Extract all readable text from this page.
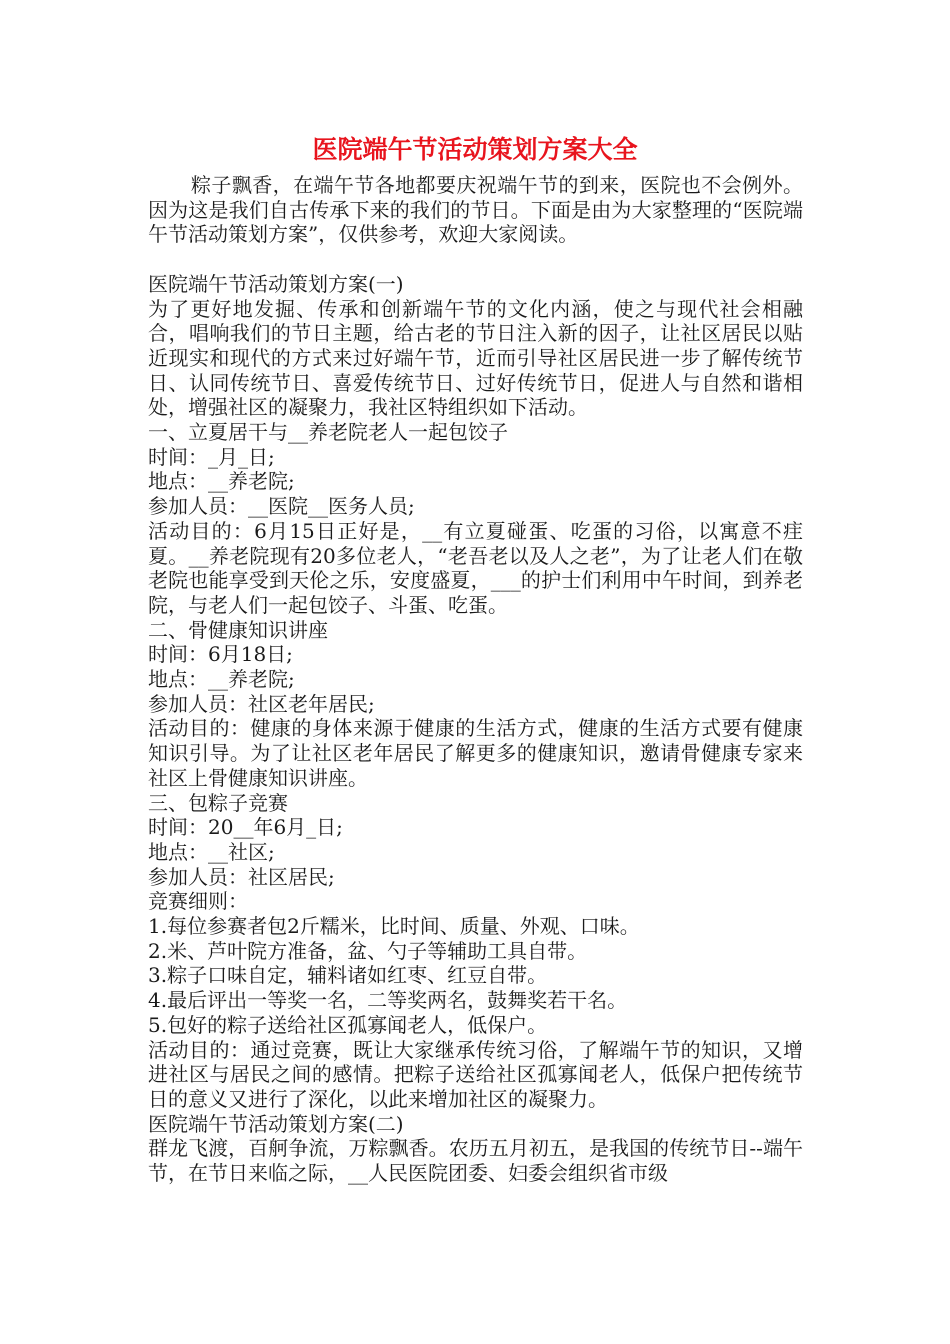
医院端午节活动策划方案大全

粽子飘香，在端午节各地都要庆祝端午节的到来，医院也不会例外。因为这是我们自古传承下来的我们的节日。下面是由为大家整理的“医院端午节活动策划方案”，仅供参考，欢迎大家阅读。

医院端午节活动策划方案(一)

为了更好地发掘、传承和创新端午节的文化内涵，使之与现代社会相融合，唱响我们的节日主题，给古老的节日注入新的因子，让社区居民以贴近现实和现代的方式来过好端午节，近而引导社区居民进一步了解传统节日、认同传统节日、喜爱传统节日、过好传统节日，促进人与自然和谐相处，增强社区的凝聚力，我社区特组织如下活动。

一、立夏居干与__养老院老人一起包饺子

时间：_月_日;

地点：__养老院;

参加人员：__医院__医务人员;

活动目的：6月15日正好是，__有立夏碰蛋、吃蛋的习俗，以寓意不疰夏。__养老院现有20多位老人，“老吾老以及人之老”，为了让老人们在敬老院也能享受到天伦之乐，安度盛夏，___的护士们利用中午时间，到养老院，与老人们一起包饺子、斗蛋、吃蛋。

二、骨健康知识讲座

时间：6月18日;

地点：__养老院;

参加人员：社区老年居民;

活动目的：健康的身体来源于健康的生活方式，健康的生活方式要有健康知识引导。为了让社区老年居民了解更多的健康知识，邀请骨健康专家来社区上骨健康知识讲座。

三、包粽子竞赛

时间：20__年6月_日;

地点：__社区;

参加人员：社区居民;

竞赛细则：

1.每位参赛者包2斤糯米，比时间、质量、外观、口味。

2.米、芦叶院方准备，盆、勺子等辅助工具自带。

3.粽子口味自定，辅料诸如红枣、红豆自带。

4.最后评出一等奖一名，二等奖两名，鼓舞奖若干名。

5.包好的粽子送给社区孤寡闻老人，低保户。

活动目的：通过竞赛，既让大家继承传统习俗，了解端午节的知识，又增进社区与居民之间的感情。把粽子送给社区孤寡闻老人，低保户把传统节日的意义又进行了深化，以此来增加社区的凝聚力。

医院端午节活动策划方案(二)

群龙飞渡，百舸争流，万粽飘香。农历五月初五，是我国的传统节日--端午节，在节日来临之际，__人民医院团委、妇委会组织省市级
